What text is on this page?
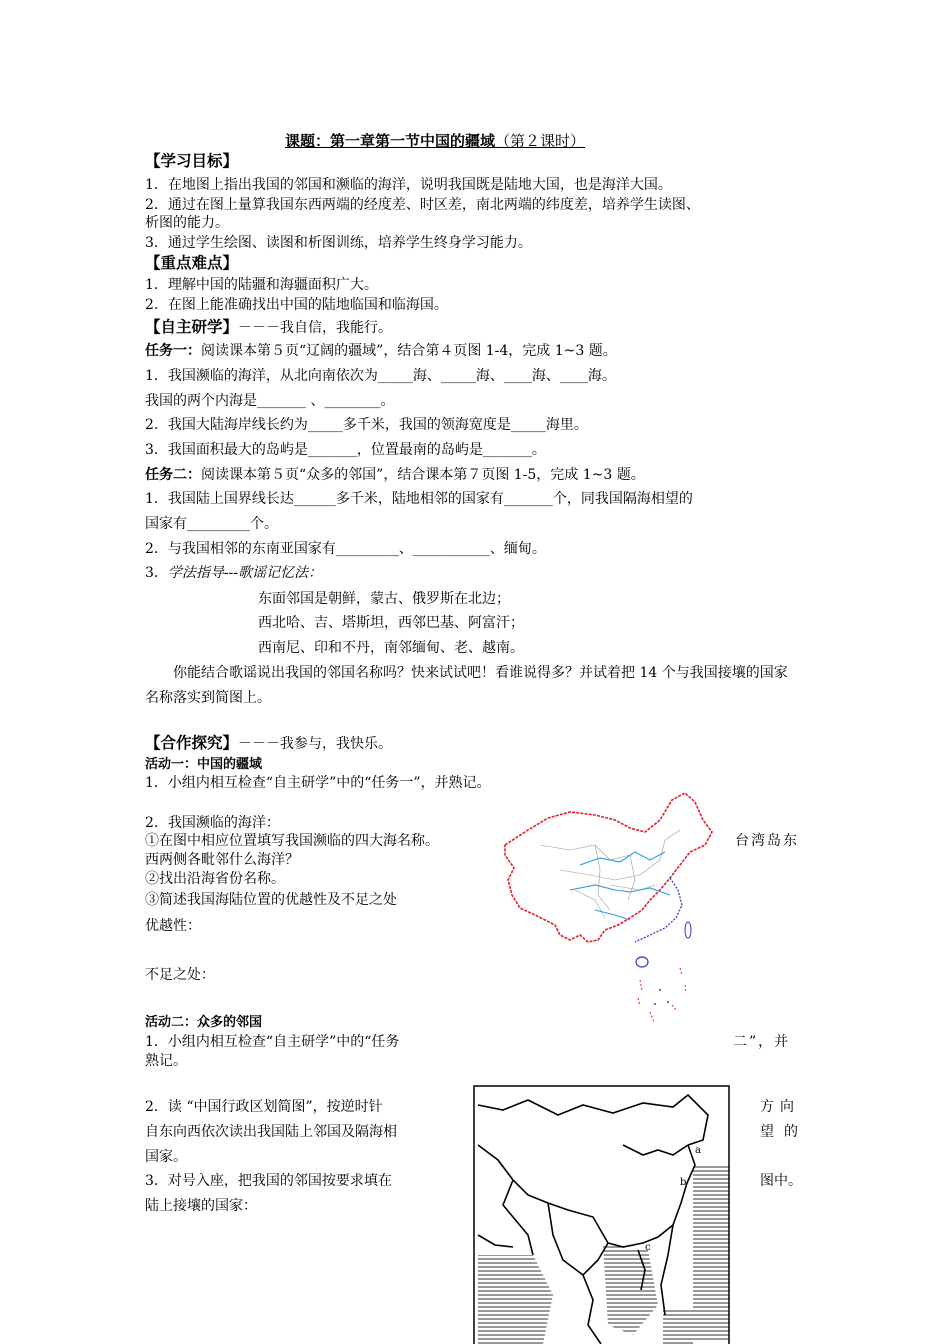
课题：第一章第一节中国的疆域（第２课时）
【学习目标】
1．在地图上指出我国的邻国和濒临的海洋，说明我国既是陆地大国，也是海洋大国。
2．通过在图上量算我国东西两端的经度差、时区差，南北两端的纬度差，培养学生读图、
析图的能力。
3．通过学生绘图、读图和析图训练，培养学生终身学习能力。
【重点难点】
1．理解中国的陆疆和海疆面积广大。
2．在图上能准确找出中国的陆地临国和临海国。
【自主研学】－－－我自信，我能行。
任务一：阅读课本第５页“辽阔的疆域”，结合第４页图 1-4，完成 1~3 题。
1．我国濒临的海洋，从北向南依次为_____海、_____海、____海、____海。
我国的两个内海是_______ 、________。
2．我国大陆海岸线长约为_____多千米，我国的领海宽度是_____海里。
3．我国面积最大的岛屿是_______，位置最南的岛屿是_______。
任务二：阅读课本第５页“众多的邻国”，结合课本第７页图 1-5，完成 1~3 题。
1．我国陆上国界线长达______多千米，陆地相邻的国家有_______个，同我国隔海相望的
国家有_________个。
2．与我国相邻的东南亚国家有_________、___________、缅甸。
3．学法指导---歌谣记忆法：
东面邻国是朝鲜，蒙古、俄罗斯在北边；
西北哈、吉、塔斯坦，西邻巴基、阿富汗；
西南尼、印和不丹，南邻缅甸、老、越南。
你能结合歌谣说出我国的邻国名称吗？快来试试吧！看谁说得多？并试着把 14 个与我国接壤的国家
名称落实到简图上。
【合作探究】－－－我参与，我快乐。
活动一：中国的疆域
1．小组内相互检查“自主研学”中的“任务一”，并熟记。
2．我国濒临的海洋：
①在图中相应位置填写我国濒临的四大海名称。	台湾岛东
西两侧各毗邻什么海洋？
②找出沿海省份名称。
③简述我国海陆位置的优越性及不足之处
优越性：
不足之处：
活动二：众多的邻国
1．小组内相互检查“自主研学”中的“任务	二”，并
熟记。
2．读 “中国行政区划简图”，按逆时针	方向
自东向西依次读出我国陆上邻国及隔海相	望的
国家。
3．对号入座，把我国的邻国按要求填在	图中。
陆上接壤的国家：
a
b
c
